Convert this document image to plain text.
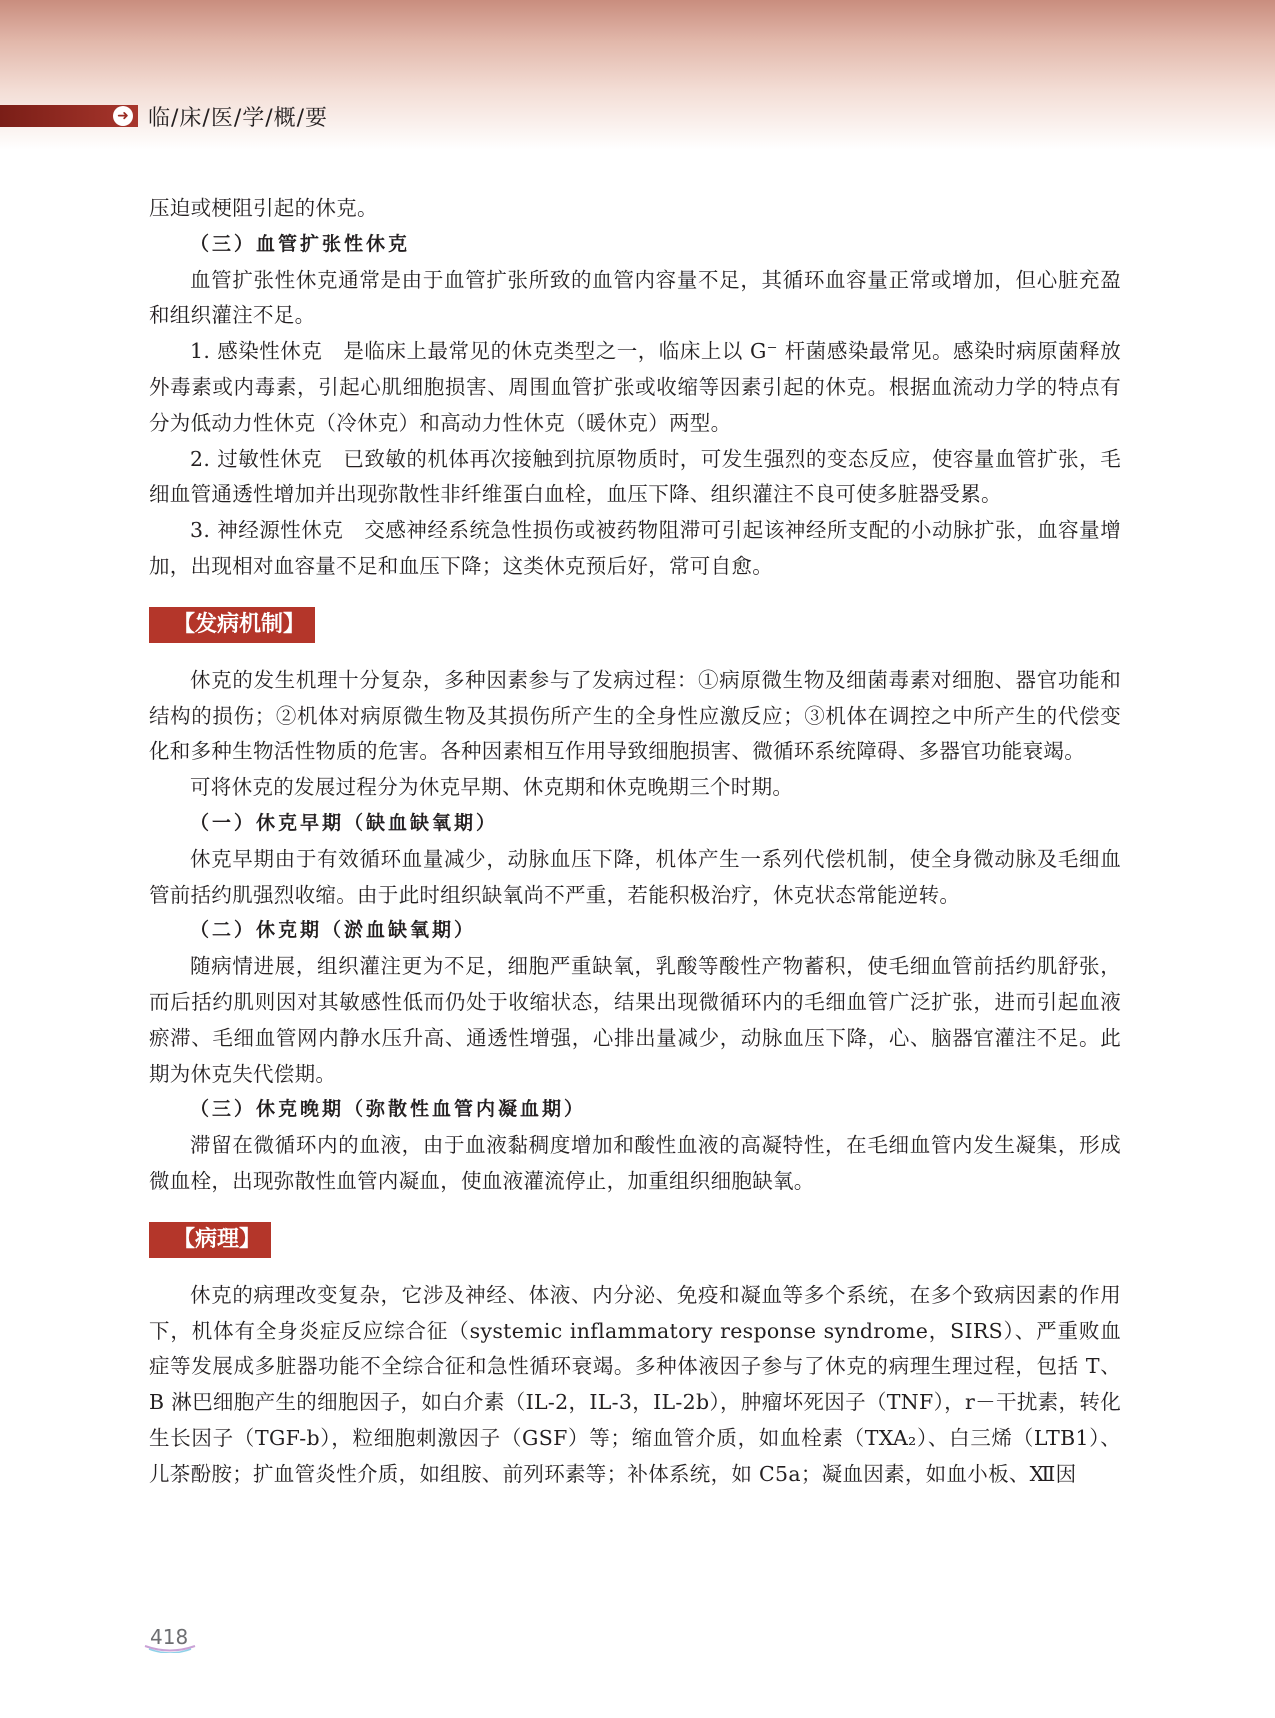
➜ 临/床/医/学/概/要

压迫或梗阻引起的休克。

（三）血管扩张性休克

血管扩张性休克通常是由于血管扩张所致的血管内容量不足，其循环血容量正常或增加，但心脏充盈和组织灌注不足。

1. 感染性休克　是临床上最常见的休克类型之一，临床上以 G⁻ 杆菌感染最常见。感染时病原菌释放外毒素或内毒素，引起心肌细胞损害、周围血管扩张或收缩等因素引起的休克。根据血流动力学的特点有分为低动力性休克（冷休克）和高动力性休克（暖休克）两型。

2. 过敏性休克　已致敏的机体再次接触到抗原物质时，可发生强烈的变态反应，使容量血管扩张，毛细血管通透性增加并出现弥散性非纤维蛋白血栓，血压下降、组织灌注不良可使多脏器受累。

3. 神经源性休克　交感神经系统急性损伤或被药物阻滞可引起该神经所支配的小动脉扩张，血容量增加，出现相对血容量不足和血压下降；这类休克预后好，常可自愈。

【发病机制】

休克的发生机理十分复杂，多种因素参与了发病过程：①病原微生物及细菌毒素对细胞、器官功能和结构的损伤；②机体对病原微生物及其损伤所产生的全身性应激反应；③机体在调控之中所产生的代偿变化和多种生物活性物质的危害。各种因素相互作用导致细胞损害、微循环系统障碍、多器官功能衰竭。

可将休克的发展过程分为休克早期、休克期和休克晚期三个时期。

（一）休克早期（缺血缺氧期）

休克早期由于有效循环血量减少，动脉血压下降，机体产生一系列代偿机制，使全身微动脉及毛细血管前括约肌强烈收缩。由于此时组织缺氧尚不严重，若能积极治疗，休克状态常能逆转。

（二）休克期（淤血缺氧期）

随病情进展，组织灌注更为不足，细胞严重缺氧，乳酸等酸性产物蓄积，使毛细血管前括约肌舒张，而后括约肌则因对其敏感性低而仍处于收缩状态，结果出现微循环内的毛细血管广泛扩张，进而引起血液瘀滞、毛细血管网内静水压升高、通透性增强，心排出量减少，动脉血压下降，心、脑器官灌注不足。此期为休克失代偿期。

（三）休克晚期（弥散性血管内凝血期）

滞留在微循环内的血液，由于血液黏稠度增加和酸性血液的高凝特性，在毛细血管内发生凝集，形成微血栓，出现弥散性血管内凝血，使血液灌流停止，加重组织细胞缺氧。

【病理】

休克的病理改变复杂，它涉及神经、体液、内分泌、免疫和凝血等多个系统，在多个致病因素的作用下，机体有全身炎症反应综合征（systemic inflammatory response syndrome，SIRS）、严重败血症等发展成多脏器功能不全综合征和急性循环衰竭。多种体液因子参与了休克的病理生理过程，包括 T、B 淋巴细胞产生的细胞因子，如白介素（IL-2，IL-3，IL-2b），肿瘤坏死因子（TNF），r－干扰素，转化生长因子（TGF-b），粒细胞刺激因子（GSF）等；缩血管介质，如血栓素（TXA₂）、白三烯（LTB1）、儿茶酚胺；扩血管炎性介质，如组胺、前列环素等；补体系统，如 C5a；凝血因素，如血小板、Ⅻ因

418
